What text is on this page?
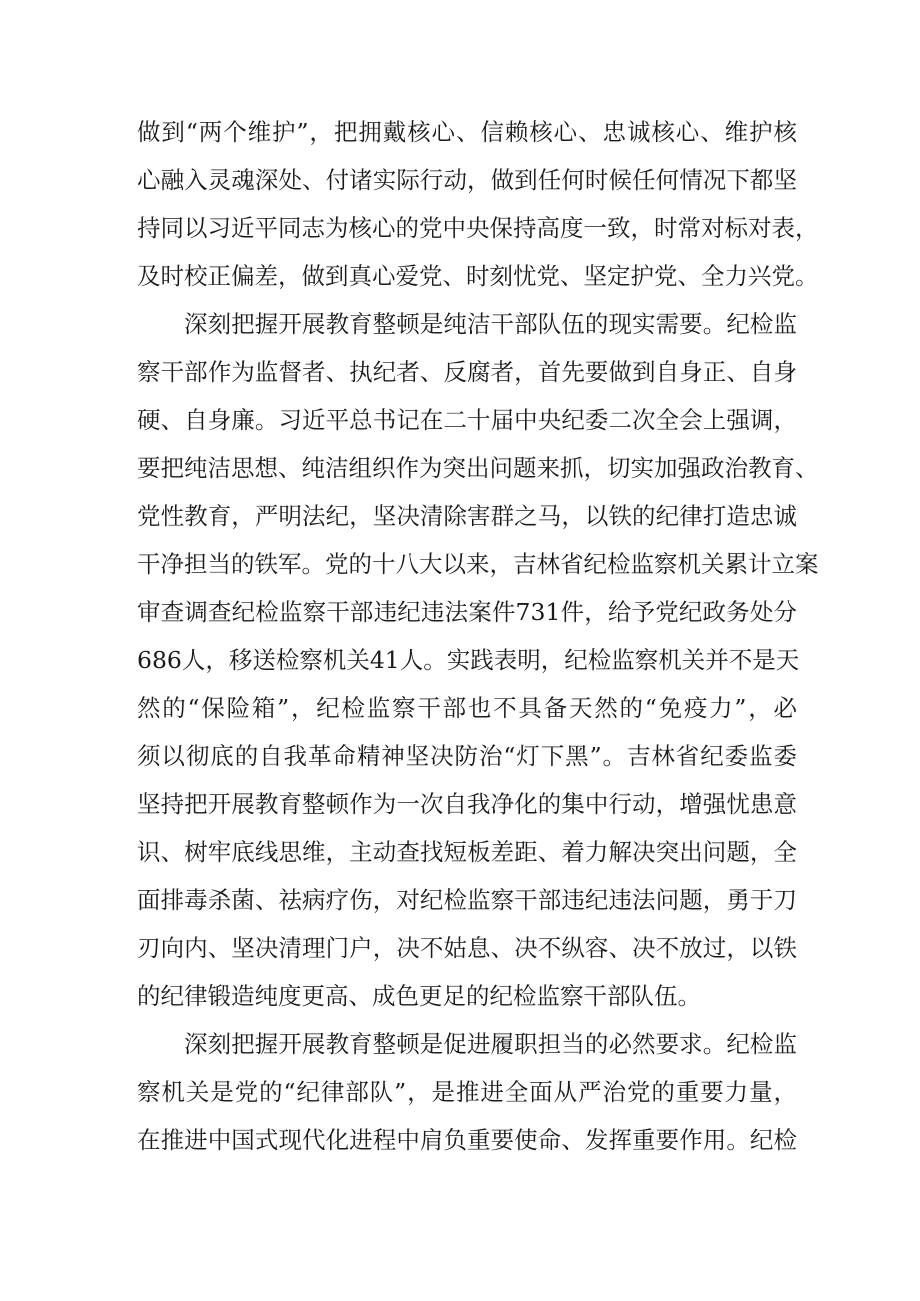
做到“两个维护”，把拥戴核心、信赖核心、忠诚核心、维护核
心融入灵魂深处、付诸实际行动，做到任何时候任何情况下都坚
持同以习近平同志为核心的党中央保持高度一致，时常对标对表，
及时校正偏差，做到真心爱党、时刻忧党、坚定护党、全力兴党。
深刻把握开展教育整顿是纯洁干部队伍的现实需要。纪检监
察干部作为监督者、执纪者、反腐者，首先要做到自身正、自身
硬、自身廉。习近平总书记在二十届中央纪委二次全会上强调，
要把纯洁思想、纯洁组织作为突出问题来抓，切实加强政治教育、
党性教育，严明法纪，坚决清除害群之马，以铁的纪律打造忠诚
干净担当的铁军。党的十八大以来，吉林省纪检监察机关累计立案
审查调查纪检监察干部违纪违法案件731件，给予党纪政务处分
686人，移送检察机关41人。实践表明，纪检监察机关并不是天
然的“保险箱”，纪检监察干部也不具备天然的“免疫力”，必
须以彻底的自我革命精神坚决防治“灯下黑”。吉林省纪委监委
坚持把开展教育整顿作为一次自我净化的集中行动，增强忧患意
识、树牢底线思维，主动查找短板差距、着力解决突出问题，全
面排毒杀菌、祛病疗伤，对纪检监察干部违纪违法问题，勇于刀
刃向内、坚决清理门户，决不姑息、决不纵容、决不放过，以铁
的纪律锻造纯度更高、成色更足的纪检监察干部队伍。
深刻把握开展教育整顿是促进履职担当的必然要求。纪检监
察机关是党的“纪律部队”，是推进全面从严治党的重要力量，
在推进中国式现代化进程中肩负重要使命、发挥重要作用。纪检
